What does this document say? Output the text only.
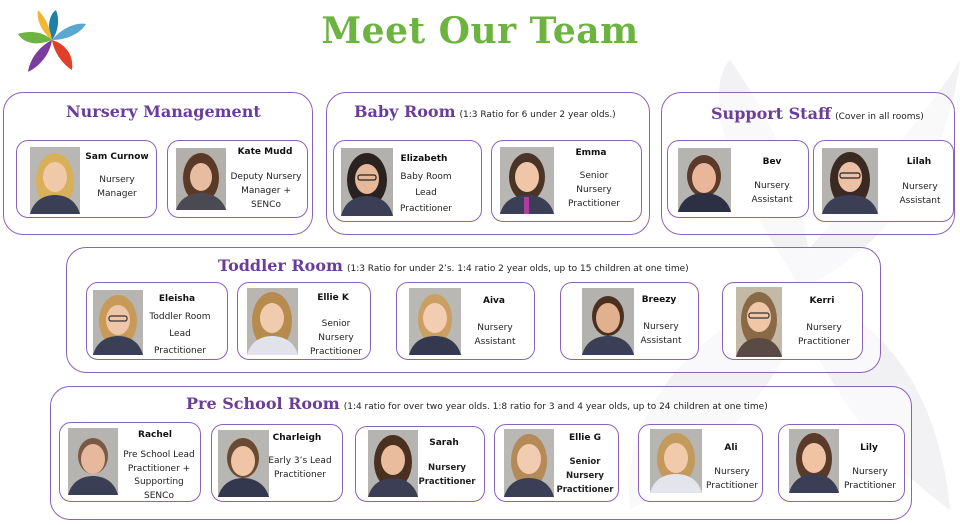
Meet Our Team
Nursery Management
Sam Curnow
Nursery Manager
Kate Mudd
Deputy Nursery Manager + SENCo
Baby Room (1:3 Ratio for 6 under 2 year olds.)
Elizabeth
Baby Room Lead Practitioner
Emma
Senior Nursery Practitioner
Support Staff (Cover in all rooms)
Bev
Nursery Assistant
Lilah
Nursery Assistant
Toddler Room (1:3 Ratio for under 2’s. 1:4 ratio 2 year olds, up to 15 children at one time)
Eleisha
Toddler Room Lead Practitioner
Ellie K
Senior Nursery Practitioner
Aiva
Nursery Assistant
Breezy
Nursery Assistant
Kerri
Nursery Practitioner
Pre School Room (1:4 ratio for over two year olds. 1:8 ratio for 3 and 4 year olds, up to 24 children at one time)
Rachel
Pre School Lead Practitioner + Supporting SENCo
Charleigh
Early 3’s Lead Practitioner
Sarah
Nursery Practitioner
Ellie G
Senior Nursery Practitioner
Ali
Nursery Practitioner
Lily
Nursery Practitioner
